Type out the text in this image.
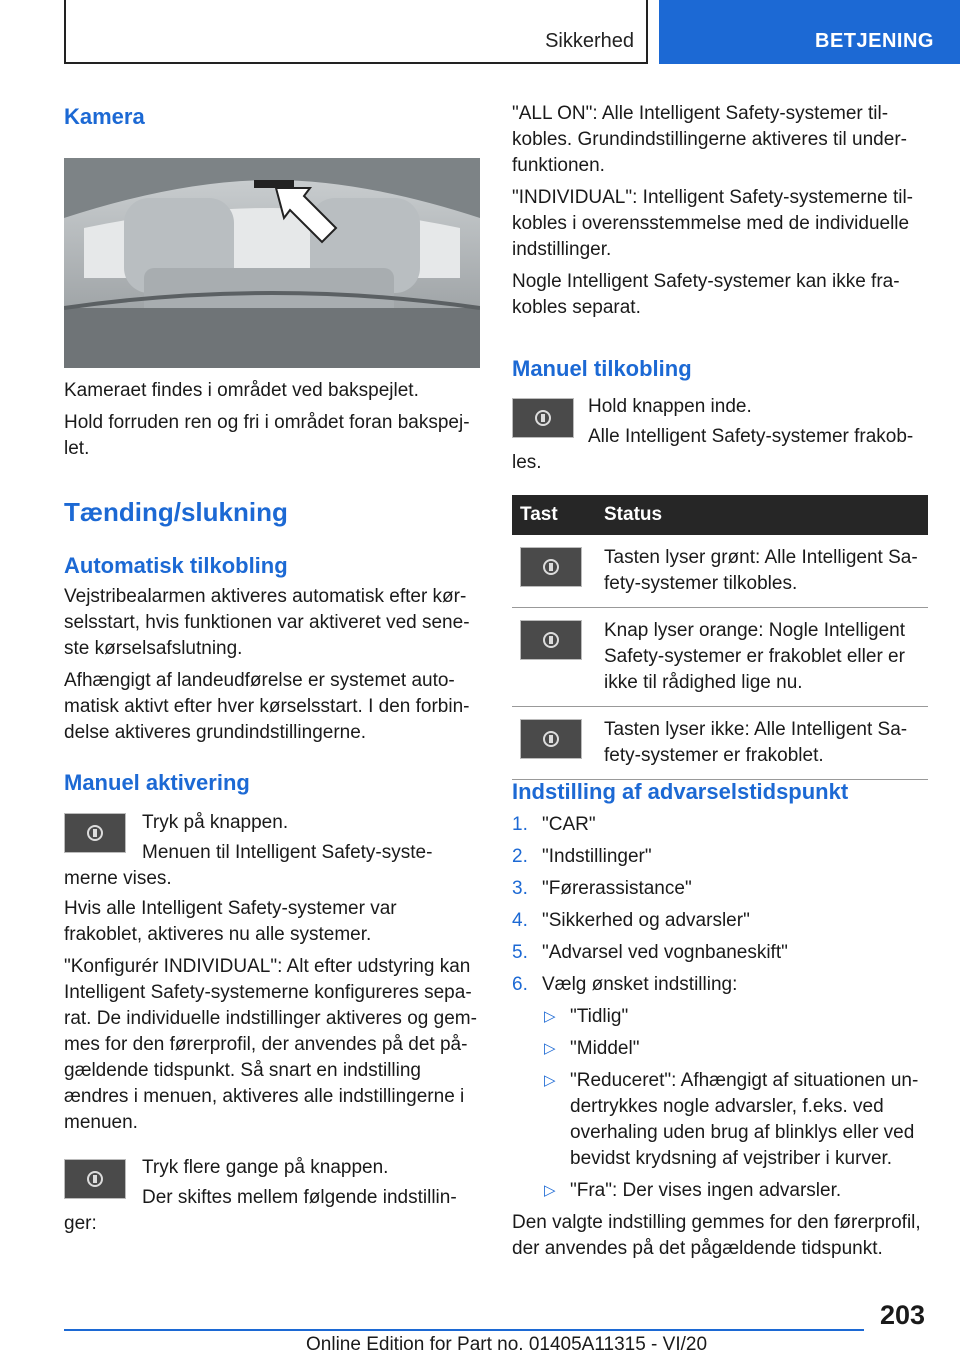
Sikkerhed	BETJENING
Kamera

Kameraet findes i området ved bakspejlet.

Hold forruden ren og fri i området foran bakspej-let.

Tænding/slukning
Automatisk tilkobling

Vejstribealarmen aktiveres automatisk efter kør-selsstart, hvis funktionen var aktiveret ved sene-ste kørselsafslutning.

Afhængigt af landeudførelse er systemet auto-matisk aktivt efter hver kørselsstart. I den forbin-delse aktiveres grundindstillingerne.

Manuel aktivering

Tryk på knappen.

Menuen til Intelligent Safety-syste-merne vises.

Hvis alle Intelligent Safety-systemer var frakoblet, aktiveres nu alle systemer.

"Konfigurér INDIVIDUAL": Alt efter udstyring kan Intelligent Safety-systemerne konfigureres sepa-rat. De individuelle indstillinger aktiveres og gem-mes for den førerprofil, der anvendes på det på-gældende tidspunkt. Så snart en indstilling ændres i menuen, aktiveres alle indstillingerne i menuen.

Tryk flere gange på knappen.

Der skiftes mellem følgende indstillin-ger:

"ALL ON": Alle Intelligent Safety-systemer til-kobles. Grundindstillingerne aktiveres til under-funktionen.

"INDIVIDUAL": Intelligent Safety-systemerne til-kobles i overensstemmelse med de individuelle indstillinger.

Nogle Intelligent Safety-systemer kan ikke fra-kobles separat.

Manuel tilkobling

Hold knappen inde.

Alle Intelligent Safety-systemer frakob-les.

Tast	Status

	Tasten lyser grønt: Alle Intelligent Sa-fety-systemer tilkobles.

	Knap lyser orange: Nogle Intelligent Safety-systemer er frakoblet eller er ikke til rådighed lige nu.

	Tasten lyser ikke: Alle Intelligent Sa-fety-systemer er frakoblet.
Indstilling af advarselstidspunkt
1. "CAR"
2. "Indstillinger"
3. "Førerassistance"
4. "Sikkerhed og advarsler"
5. "Advarsel ved vognbaneskift"
6. Vælg ønsket indstilling:
▷ "Tidlig"
▷ "Middel"
▷ "Reduceret": Afhængigt af situationen un-dertrykkes nogle advarsler, f.eks. ved overhaling uden brug af blinklys eller ved bevidst krydsning af vejstriber i kurver.
▷ "Fra": Der vises ingen advarsler.

Den valgte indstilling gemmes for den førerprofil, der anvendes på det pågældende tidspunkt.

203
Online Edition for Part no. 01405A11315 - VI/20
